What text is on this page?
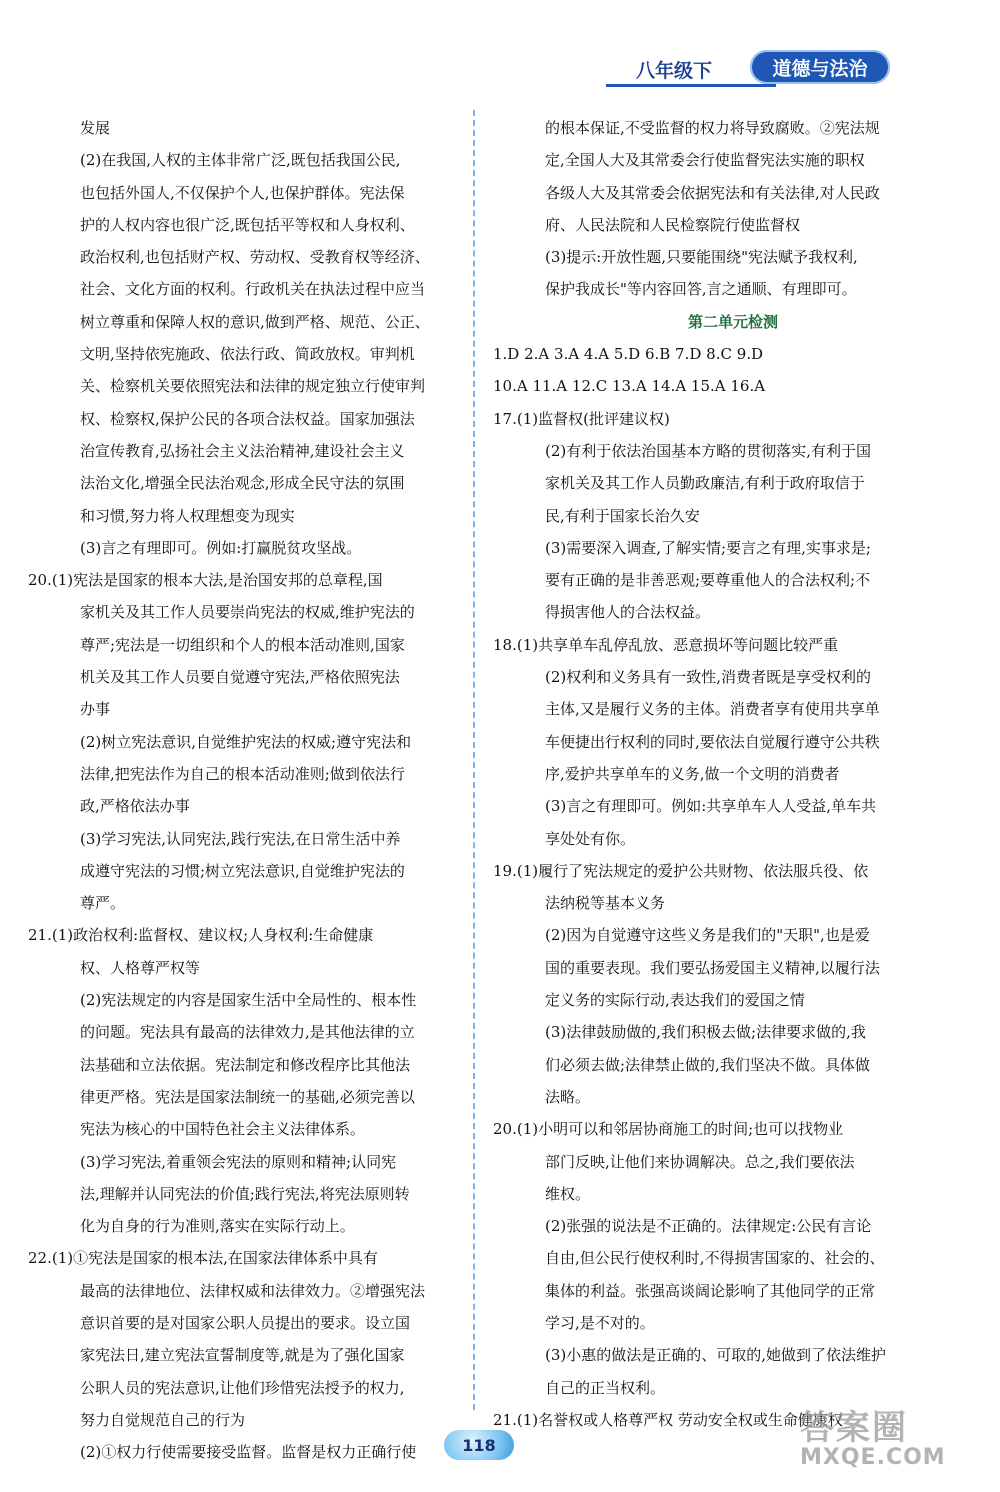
八年级下	道德与法治
发展
(2)在我国,人权的主体非常广泛,既包括我国公民,
也包括外国人,不仅保护个人,也保护群体。宪法保
护的人权内容也很广泛,既包括平等权和人身权利、
政治权利,也包括财产权、劳动权、受教育权等经济、
社会、文化方面的权利。行政机关在执法过程中应当
树立尊重和保障人权的意识,做到严格、规范、公正、
文明,坚持依宪施政、依法行政、简政放权。审判机
关、检察机关要依照宪法和法律的规定独立行使审判
权、检察权,保护公民的各项合法权益。国家加强法
治宣传教育,弘扬社会主义法治精神,建设社会主义
法治文化,增强全民法治观念,形成全民守法的氛围
和习惯,努力将人权理想变为现实
(3)言之有理即可。例如:打赢脱贫攻坚战。
20.(1)宪法是国家的根本大法,是治国安邦的总章程,国
家机关及其工作人员要崇尚宪法的权威,维护宪法的
尊严;宪法是一切组织和个人的根本活动准则,国家
机关及其工作人员要自觉遵守宪法,严格依照宪法
办事
(2)树立宪法意识,自觉维护宪法的权威;遵守宪法和
法律,把宪法作为自己的根本活动准则;做到依法行
政,严格依法办事
(3)学习宪法,认同宪法,践行宪法,在日常生活中养
成遵守宪法的习惯;树立宪法意识,自觉维护宪法的
尊严。
21.(1)政治权利:监督权、建议权;人身权利:生命健康
权、人格尊严权等
(2)宪法规定的内容是国家生活中全局性的、根本性
的问题。宪法具有最高的法律效力,是其他法律的立
法基础和立法依据。宪法制定和修改程序比其他法
律更严格。宪法是国家法制统一的基础,必须完善以
宪法为核心的中国特色社会主义法律体系。
(3)学习宪法,着重领会宪法的原则和精神;认同宪
法,理解并认同宪法的价值;践行宪法,将宪法原则转
化为自身的行为准则,落实在实际行动上。
22.(1)①宪法是国家的根本法,在国家法律体系中具有
最高的法律地位、法律权威和法律效力。②增强宪法
意识首要的是对国家公职人员提出的要求。设立国
家宪法日,建立宪法宣誓制度等,就是为了强化国家
公职人员的宪法意识,让他们珍惜宪法授予的权力,
努力自觉规范自己的行为
(2)①权力行使需要接受监督。监督是权力正确行使
的根本保证,不受监督的权力将导致腐败。②宪法规
定,全国人大及其常委会行使监督宪法实施的职权
各级人大及其常委会依据宪法和有关法律,对人民政
府、人民法院和人民检察院行使监督权
(3)提示:开放性题,只要能围绕"宪法赋予我权利,
保护我成长"等内容回答,言之通顺、有理即可。
第二单元检测
1.D 2.A 3.A 4.A 5.D 6.B 7.D 8.C 9.D
10.A 11.A 12.C 13.A 14.A 15.A 16.A
17.(1)监督权(批评建议权)
(2)有利于依法治国基本方略的贯彻落实,有利于国
家机关及其工作人员勤政廉洁,有利于政府取信于
民,有利于国家长治久安
(3)需要深入调查,了解实情;要言之有理,实事求是;
要有正确的是非善恶观;要尊重他人的合法权利;不
得损害他人的合法权益。
18.(1)共享单车乱停乱放、恶意损坏等问题比较严重
(2)权利和义务具有一致性,消费者既是享受权利的
主体,又是履行义务的主体。消费者享有使用共享单
车便捷出行权利的同时,要依法自觉履行遵守公共秩
序,爱护共享单车的义务,做一个文明的消费者
(3)言之有理即可。例如:共享单车人人受益,单车共
享处处有你。
19.(1)履行了宪法规定的爱护公共财物、依法服兵役、依
法纳税等基本义务
(2)因为自觉遵守这些义务是我们的"天职",也是爱
国的重要表现。我们要弘扬爱国主义精神,以履行法
定义务的实际行动,表达我们的爱国之情
(3)法律鼓励做的,我们积极去做;法律要求做的,我
们必须去做;法律禁止做的,我们坚决不做。具体做
法略。
20.(1)小明可以和邻居协商施工的时间;也可以找物业
部门反映,让他们来协调解决。总之,我们要依法
维权。
(2)张强的说法是不正确的。法律规定:公民有言论
自由,但公民行使权利时,不得损害国家的、社会的、
集体的利益。张强高谈阔论影响了其他同学的正常
学习,是不对的。
(3)小惠的做法是正确的、可取的,她做到了依法维护
自己的正当权利。
21.(1)名誉权或人格尊严权 劳动安全权或生命健康权
118	答案圈
MXQE.COM
